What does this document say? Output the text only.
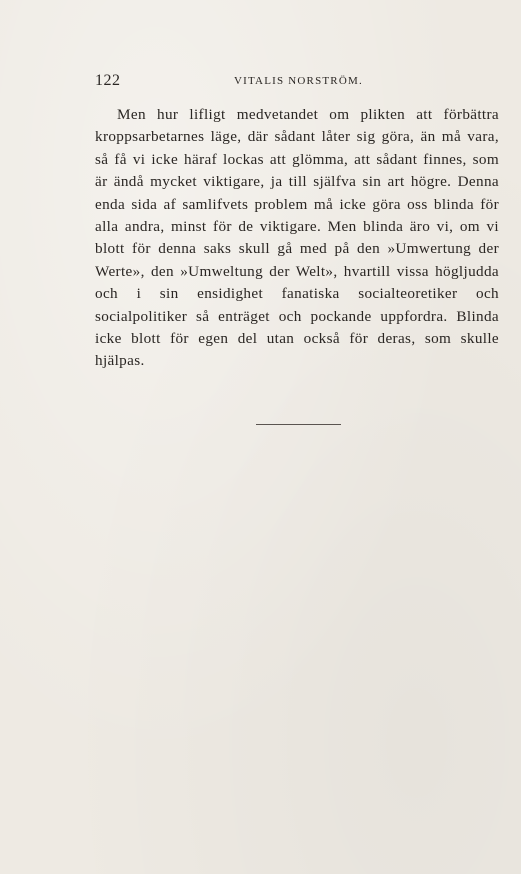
122	VITALIS NORSTRÖM.

Men hur lifligt medvetandet om plikten att förbättra kroppsarbetarnes läge, där sådant låter sig göra, än må vara, så få vi icke häraf lockas att glömma, att sådant finnes, som är ändå mycket viktigare, ja till själfva sin art högre. Denna enda sida af samlifvets problem må icke göra oss blinda för alla andra, minst för de viktigare. Men blinda äro vi, om vi blott för denna saks skull gå med på den »Umwertung der Werte», den »Umweltung der Welt», hvartill vissa högljudda och i sin ensidighet fanatiska socialteoretiker och socialpolitiker så enträget och pockande uppfordra. Blinda icke blott för egen del utan också för deras, som skulle hjälpas.
